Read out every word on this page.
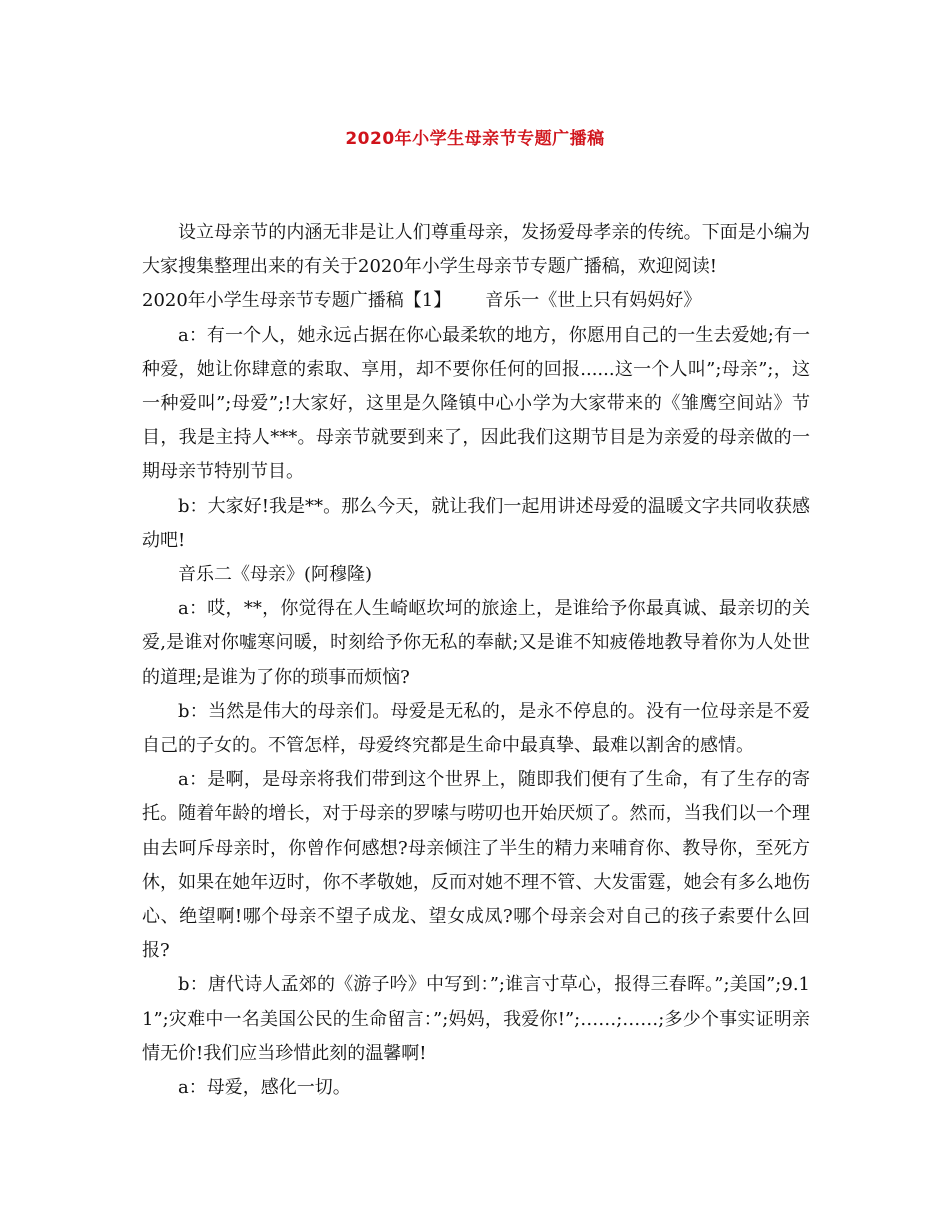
2020年小学生母亲节专题广播稿

设立母亲节的内涵无非是让人们尊重母亲，发扬爱母孝亲的传统。下面是小编为大家搜集整理出来的有关于2020年小学生母亲节专题广播稿，欢迎阅读!

2020年小学生母亲节专题广播稿【1】 音乐一《世上只有妈妈好》

a：有一个人，她永远占据在你心最柔软的地方，你愿用自己的一生去爱她;有一种爱，她让你肆意的索取、享用，却不要你任何的回报......这一个人叫”;母亲”;，这一种爱叫”;母爱”;!大家好，这里是久隆镇中心小学为大家带来的《雏鹰空间站》节目，我是主持人***。母亲节就要到来了，因此我们这期节目是为亲爱的母亲做的一期母亲节特别节目。

b：大家好!我是**。那么今天，就让我们一起用讲述母爱的温暖文字共同收获感动吧!

音乐二《母亲》(阿穆隆)

a：哎，**，你觉得在人生崎岖坎坷的旅途上，是谁给予你最真诚、最亲切的关爱,是谁对你嘘寒问暖，时刻给予你无私的奉献;又是谁不知疲倦地教导着你为人处世的道理;是谁为了你的琐事而烦恼?

b：当然是伟大的母亲们。母爱是无私的，是永不停息的。没有一位母亲是不爱自己的子女的。不管怎样，母爱终究都是生命中最真挚、最难以割舍的感情。

a：是啊，是母亲将我们带到这个世界上，随即我们便有了生命，有了生存的寄托。随着年龄的增长，对于母亲的罗嗦与唠叨也开始厌烦了。然而，当我们以一个理由去呵斥母亲时，你曾作何感想?母亲倾注了半生的精力来哺育你、教导你，至死方休，如果在她年迈时，你不孝敬她，反而对她不理不管、大发雷霆，她会有多么地伤心、绝望啊!哪个母亲不望子成龙、望女成凤?哪个母亲会对自己的孩子索要什么回报?

b：唐代诗人孟郊的《游子吟》中写到：”;谁言寸草心，报得三春晖。”;美国”;9.11”;灾难中一名美国公民的生命留言：”;妈妈，我爱你!”;……;……;多少个事实证明亲情无价!我们应当珍惜此刻的温馨啊!

a：母爱，感化一切。
